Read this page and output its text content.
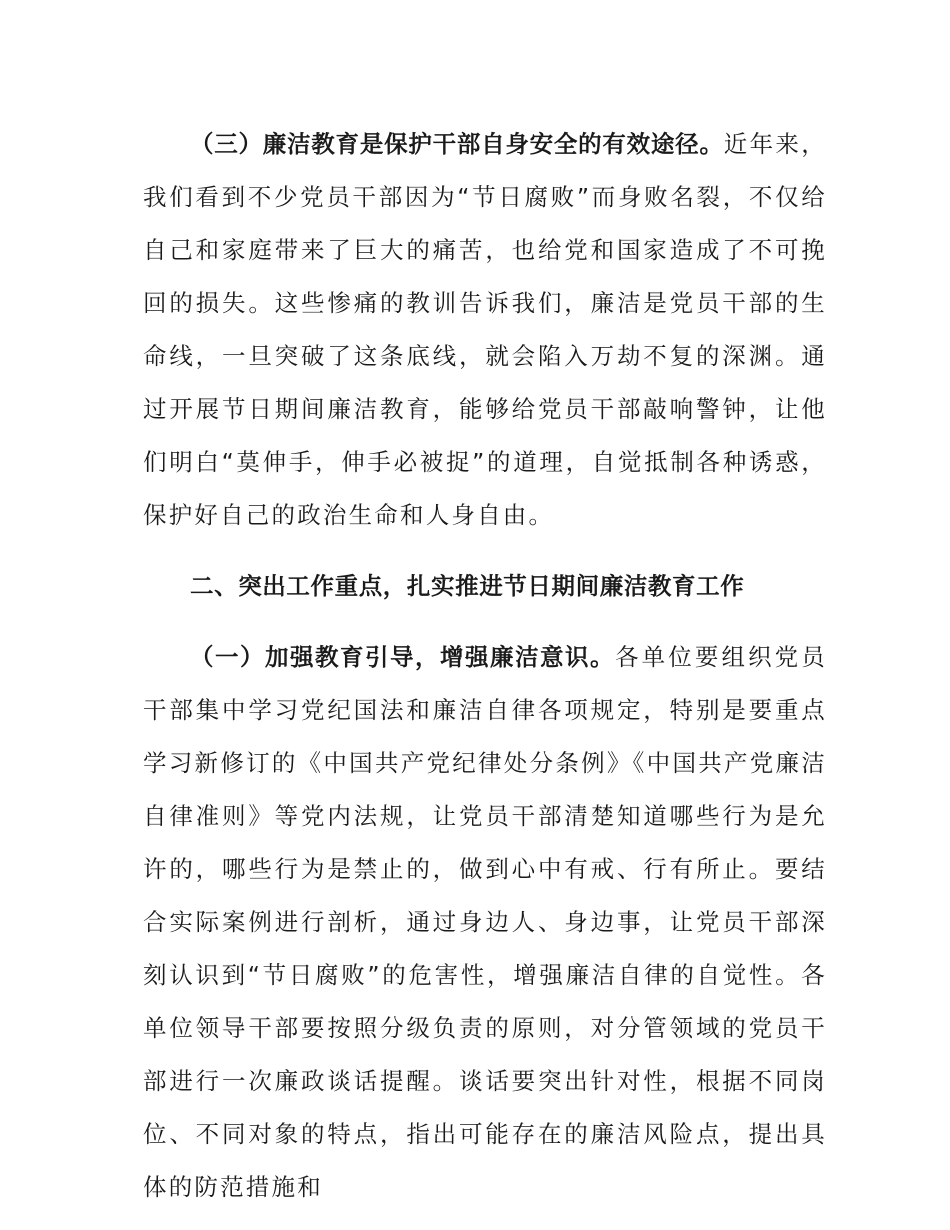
（三）廉洁教育是保护干部自身安全的有效途径。近年来，我们看到不少党员干部因为“节日腐败”而身败名裂，不仅给自己和家庭带来了巨大的痛苦，也给党和国家造成了不可挽回的损失。这些惨痛的教训告诉我们，廉洁是党员干部的生命线，一旦突破了这条底线，就会陷入万劫不复的深渊。通过开展节日期间廉洁教育，能够给党员干部敲响警钟，让他们明白“莫伸手，伸手必被捉”的道理，自觉抵制各种诱惑，保护好自己的政治生命和人身自由。

二、突出工作重点，扎实推进节日期间廉洁教育工作

（一）加强教育引导，增强廉洁意识。各单位要组织党员干部集中学习党纪国法和廉洁自律各项规定，特别是要重点学习新修订的《中国共产党纪律处分条例》《中国共产党廉洁自律准则》等党内法规，让党员干部清楚知道哪些行为是允许的，哪些行为是禁止的，做到心中有戒、行有所止。要结合实际案例进行剖析，通过身边人、身边事，让党员干部深刻认识到“节日腐败”的危害性，增强廉洁自律的自觉性。各单位领导干部要按照分级负责的原则，对分管领域的党员干部进行一次廉政谈话提醒。谈话要突出针对性，根据不同岗位、不同对象的特点，指出可能存在的廉洁风险点，提出具体的防范措施和
